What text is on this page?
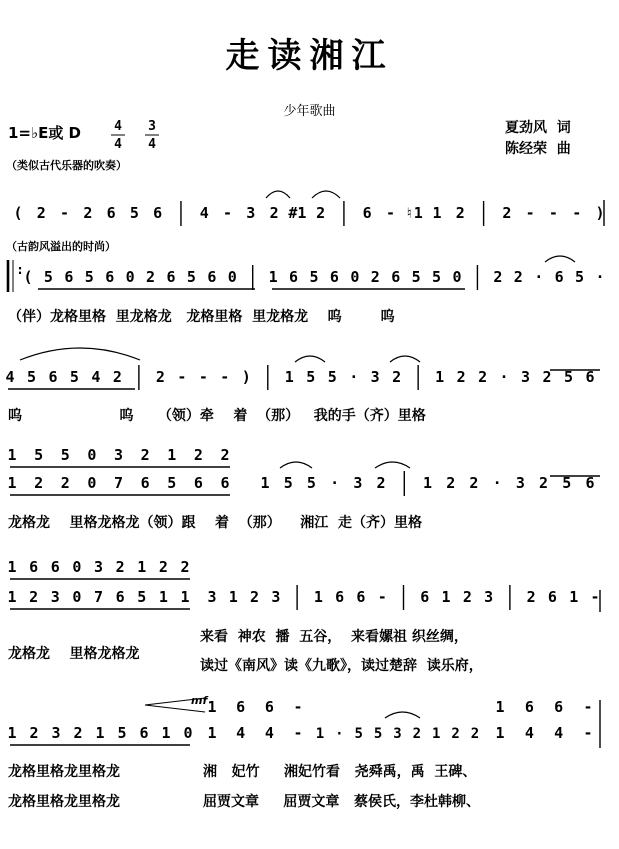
走读湘江
少年歌曲
1=♭E或 D	夏劲风  词
陈经荣  曲
（类似古代乐器的吹奏）
（古韵风溢出的时尚）
mf
4
4
3
4
( 2 - 2 6 5 6	4 - 3 2 #1 2	6 - ♮1 1 2	2 - - - )
: ( 5 6 5 6 0 2 6 5 6 0 1 6 5 6 0 2 6 5 5 0 2 2 · 6 5 ·
4 5 6 5 4 2 2 - - - ) 1 5 5 · 3 2 1 2 2 · 3 2 5 6
1 5 5 0 3 2 1 2 2
1 2 2 0 7 6 5 6 6 1 5 5 · 3 2 1 2 2 · 3 2 5 6
1 6 6 0 3 2 1 2 2
1 2 3 0 7 6 5 1 1 3 1 2 3 1 6 6 - 6 1 2 3 2 6 1 -
1 2 3 2 1 5 6 1 0
1 6 6 -
1 4 4 - 1 · 5 5 3 2 1 2 2
1 6 6 -
1 4 4 -
（伴）龙格里格  里龙格龙   龙格里格  里龙格龙    呜        呜
呜                    呜     （领）牵    着  （那）   我的手（齐）里格
龙格龙    里格龙格龙（领）跟    着  （那）    湘江  走（齐）里格
龙格龙    里格龙格龙
来看  神农  播  五谷，  来看嫘祖 织丝绸，
读过《南风》读《九歌》，读过楚辞  读乐府，
龙格里格龙里格龙	湘   妃竹     湘妃竹看   尧舜禹，禹  王碑、
龙格里格龙里格龙	屈贾文章     屈贾文章   蔡侯氏，李杜韩柳、
